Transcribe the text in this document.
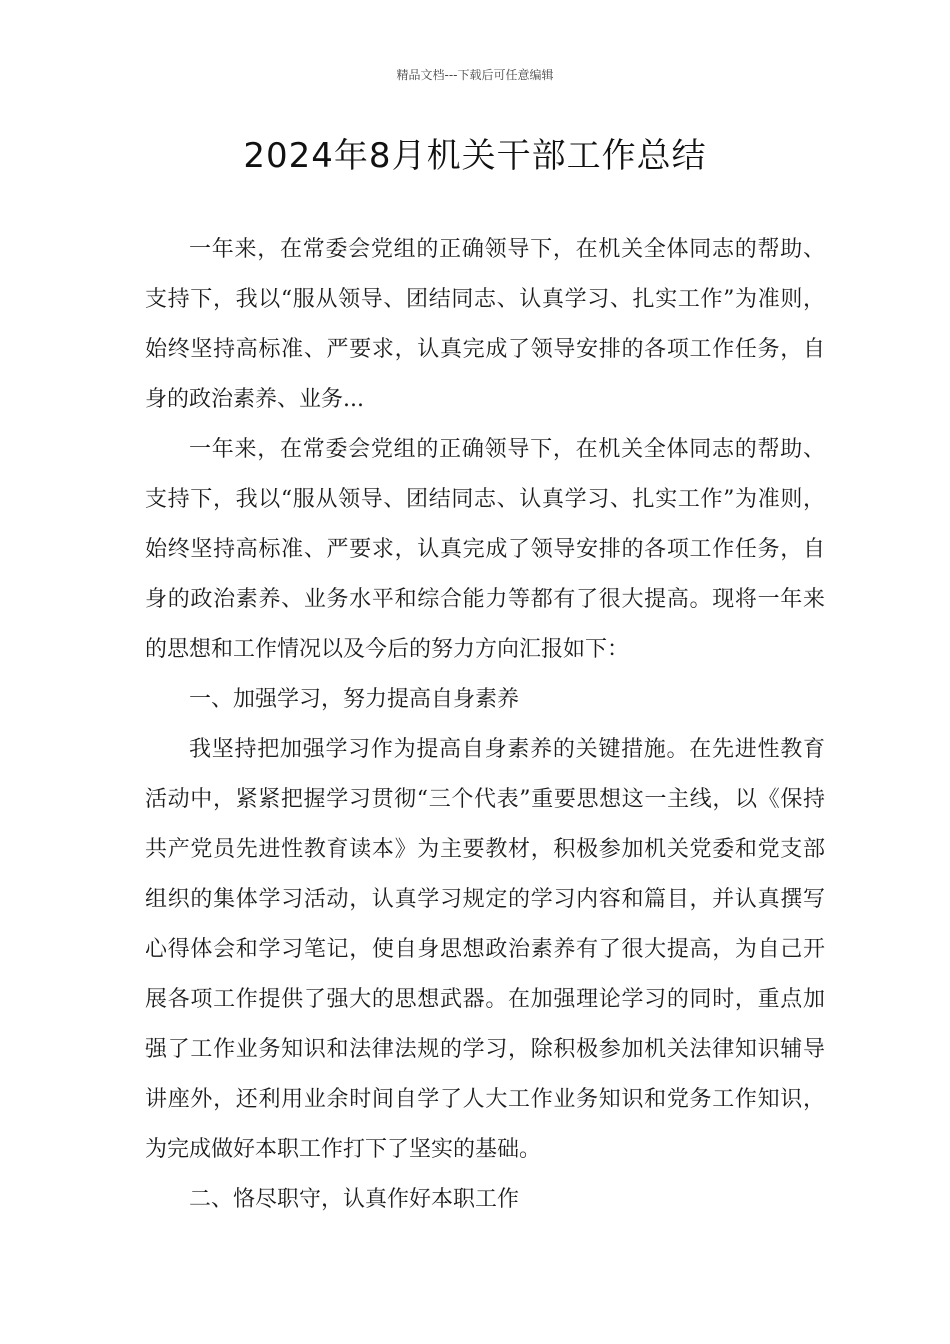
精品文档---下载后可任意编辑
2024年8月机关干部工作总结

一年来，在常委会党组的正确领导下，在机关全体同志的帮助、支持下，我以“服从领导、团结同志、认真学习、扎实工作”为准则，始终坚持高标准、严要求，认真完成了领导安排的各项工作任务，自身的政治素养、业务...

一年来，在常委会党组的正确领导下，在机关全体同志的帮助、支持下，我以“服从领导、团结同志、认真学习、扎实工作”为准则，始终坚持高标准、严要求，认真完成了领导安排的各项工作任务，自身的政治素养、业务水平和综合能力等都有了很大提高。现将一年来的思想和工作情况以及今后的努力方向汇报如下：

一、加强学习，努力提高自身素养

我坚持把加强学习作为提高自身素养的关键措施。在先进性教育活动中，紧紧把握学习贯彻“三个代表”重要思想这一主线，以《保持共产党员先进性教育读本》为主要教材，积极参加机关党委和党支部组织的集体学习活动，认真学习规定的学习内容和篇目，并认真撰写心得体会和学习笔记，使自身思想政治素养有了很大提高，为自己开展各项工作提供了强大的思想武器。在加强理论学习的同时，重点加强了工作业务知识和法律法规的学习，除积极参加机关法律知识辅导讲座外，还利用业余时间自学了人大工作业务知识和党务工作知识，为完成做好本职工作打下了坚实的基础。

二、恪尽职守，认真作好本职工作
